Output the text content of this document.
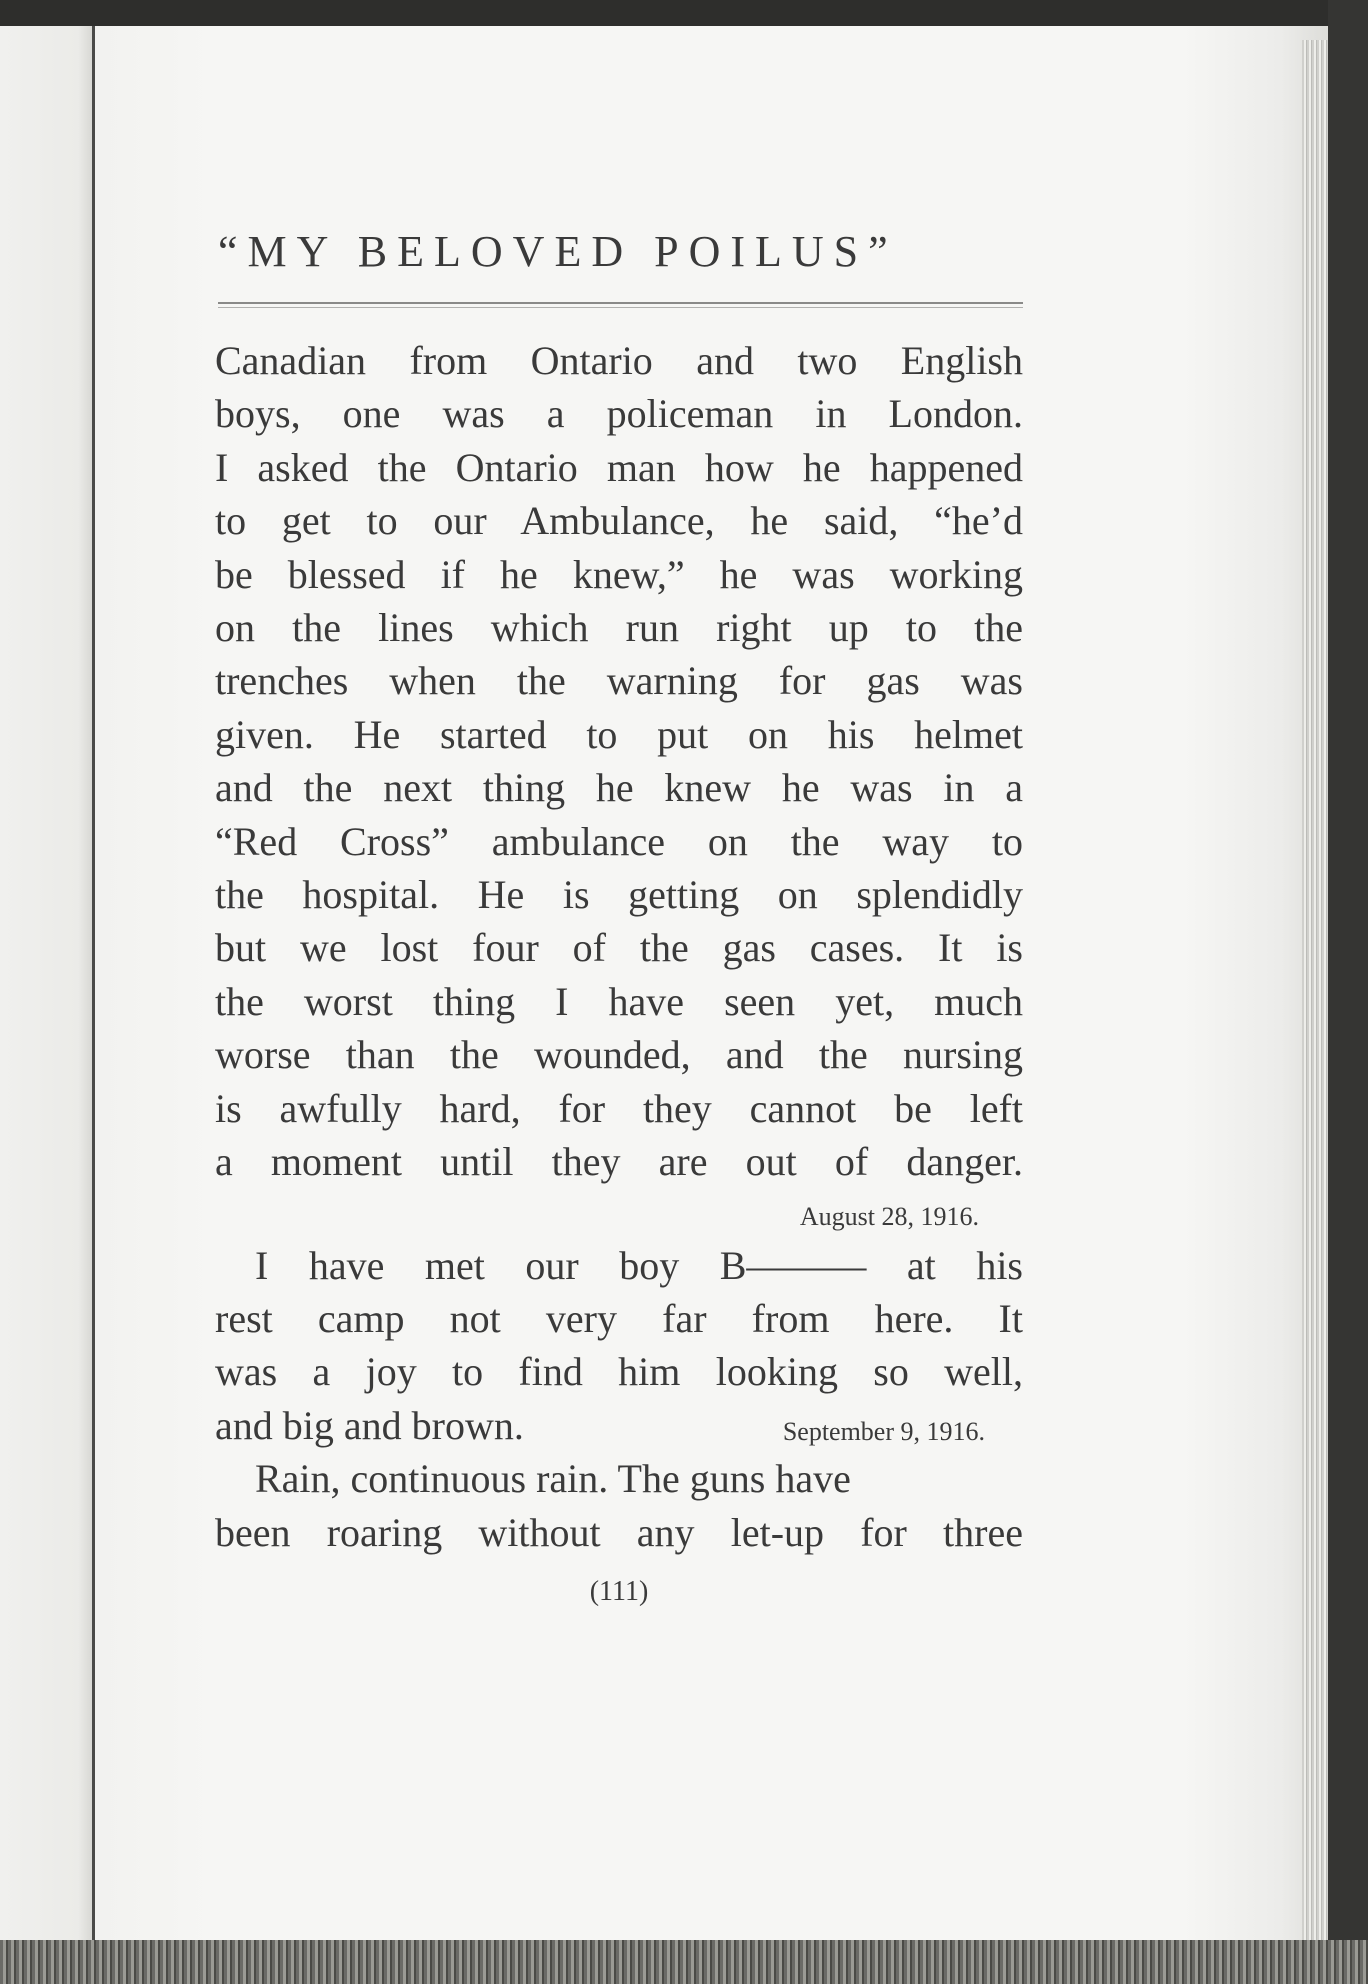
“MY BELOVED POILUS”
Canadian from Ontario and two English
boys, one was a policeman in London.
I asked the Ontario man how he happened
to get to our Ambulance, he said, “he’d
be blessed if he knew,” he was working
on the lines which run right up to the
trenches when the warning for gas was
given. He started to put on his helmet
and the next thing he knew he was in a
“Red Cross” ambulance on the way to
the hospital. He is getting on splendidly
but we lost four of the gas cases. It is
the worst thing I have seen yet, much
worse than the wounded, and the nursing
is awfully hard, for they cannot be left
a moment until they are out of danger.
August 28, 1916.
I have met our boy B——— at his
rest camp not very far from here. It
was a joy to find him looking so well,
and big and brown.	September 9, 1916.
Rain, continuous rain. The guns have
been roaring without any let-up for three
(111)
